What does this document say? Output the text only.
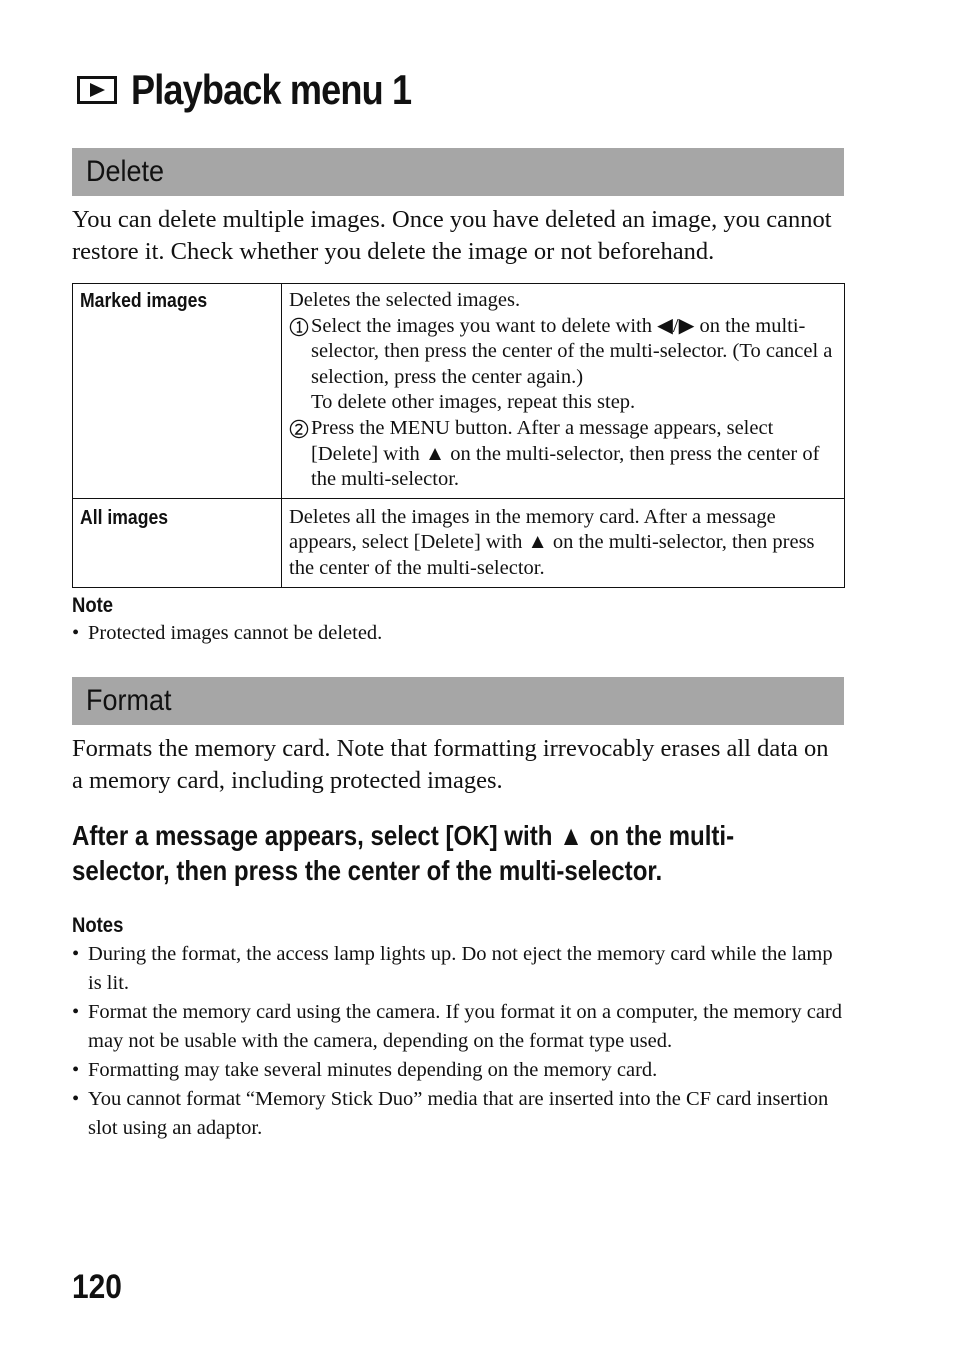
Playback menu 1
Delete
You can delete multiple images. Once you have deleted an image, you cannot restore it. Check whether you delete the image or not beforehand.
Marked images	Deletes the selected images.
Select the images you want to delete with ◀/▶ on the multi-selector, then press the center of the multi-selector. (To cancel a selection, press the center again.)
To delete other images, repeat this step.
Press the MENU button. After a message appears, select [Delete] with ▲ on the multi-selector, then press the center of the multi-selector.

All images	Deletes all the images in the memory card. After a message appears, select [Delete] with ▲ on the multi-selector, then press the center of the multi-selector.
Note
• Protected images cannot be deleted.
Format
Formats the memory card. Note that formatting irrevocably erases all data on a memory card, including protected images.
After a message appears, select [OK] with ▲ on the multi-selector, then press the center of the multi-selector.
Notes
• During the format, the access lamp lights up. Do not eject the memory card while the lamp is lit.
• Format the memory card using the camera. If you format it on a computer, the memory card may not be usable with the camera, depending on the format type used.
• Formatting may take several minutes depending on the memory card.
• You cannot format “Memory Stick Duo” media that are inserted into the CF card insertion slot using an adaptor.
120
